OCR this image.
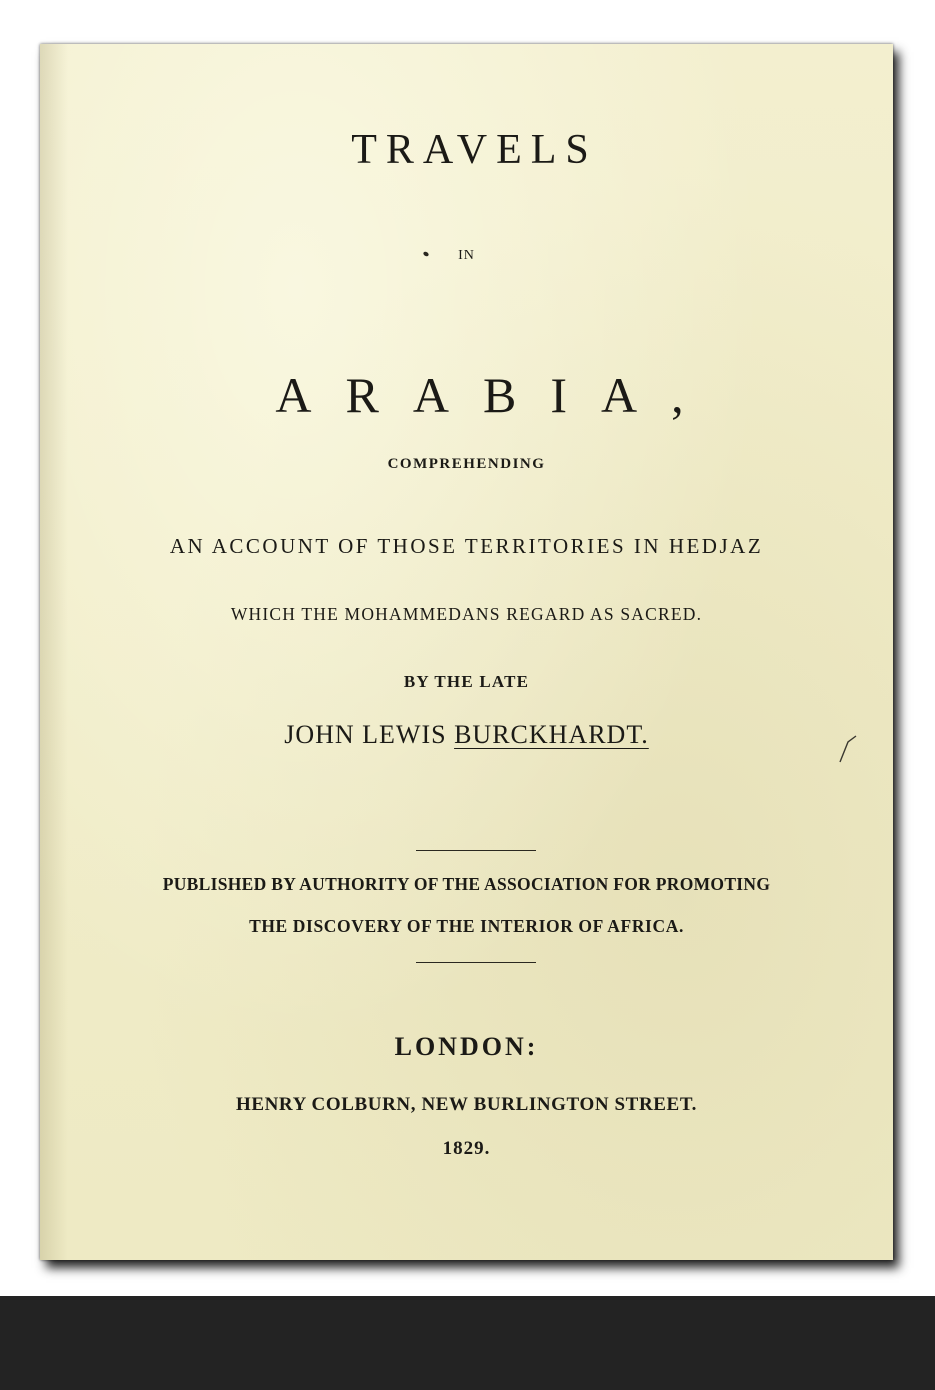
TRAVELS
IN
ARABIA,
COMPREHENDING
AN ACCOUNT OF THOSE TERRITORIES IN HEDJAZ
WHICH THE MOHAMMEDANS REGARD AS SACRED.
BY THE LATE
JOHN LEWIS BURCKHARDT.
PUBLISHED BY AUTHORITY OF THE ASSOCIATION FOR PROMOTING
THE DISCOVERY OF THE INTERIOR OF AFRICA.
LONDON:
HENRY COLBURN, NEW BURLINGTON STREET.
1829.
